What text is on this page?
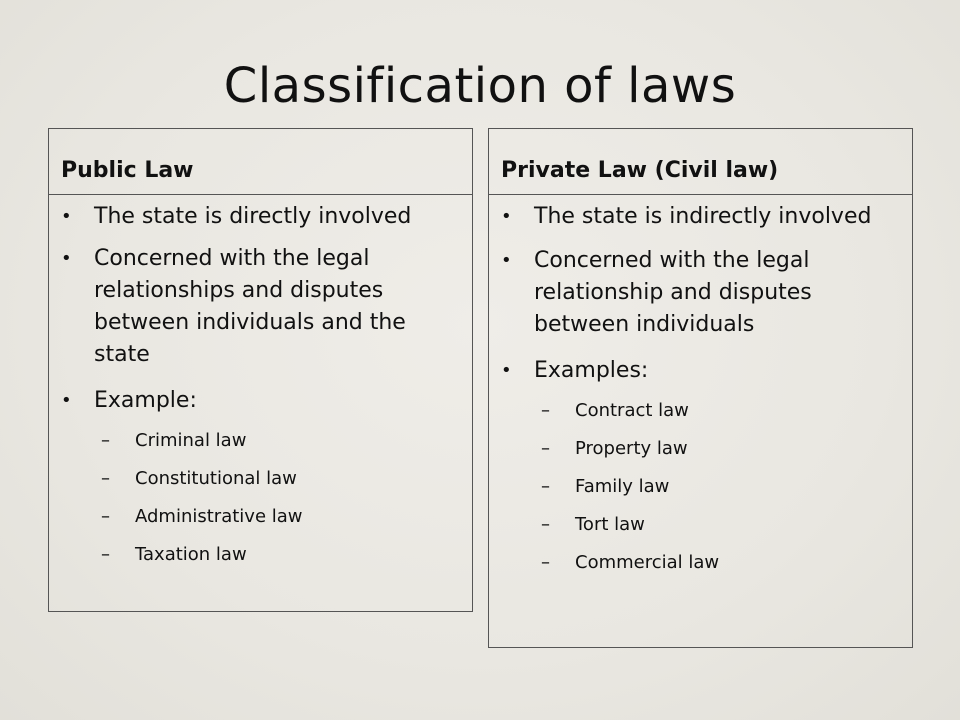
Classification of laws
Public Law
• The state is directly involved
• Concerned with the legal relationships and disputes between individuals and the state
• Example:
– Criminal law
– Constitutional law
– Administrative law
– Taxation law
Private Law (Civil law)
• The state is indirectly involved
• Concerned with the legal relationship and disputes between individuals
• Examples:
– Contract law
– Property law
– Family law
– Tort law
– Commercial law
